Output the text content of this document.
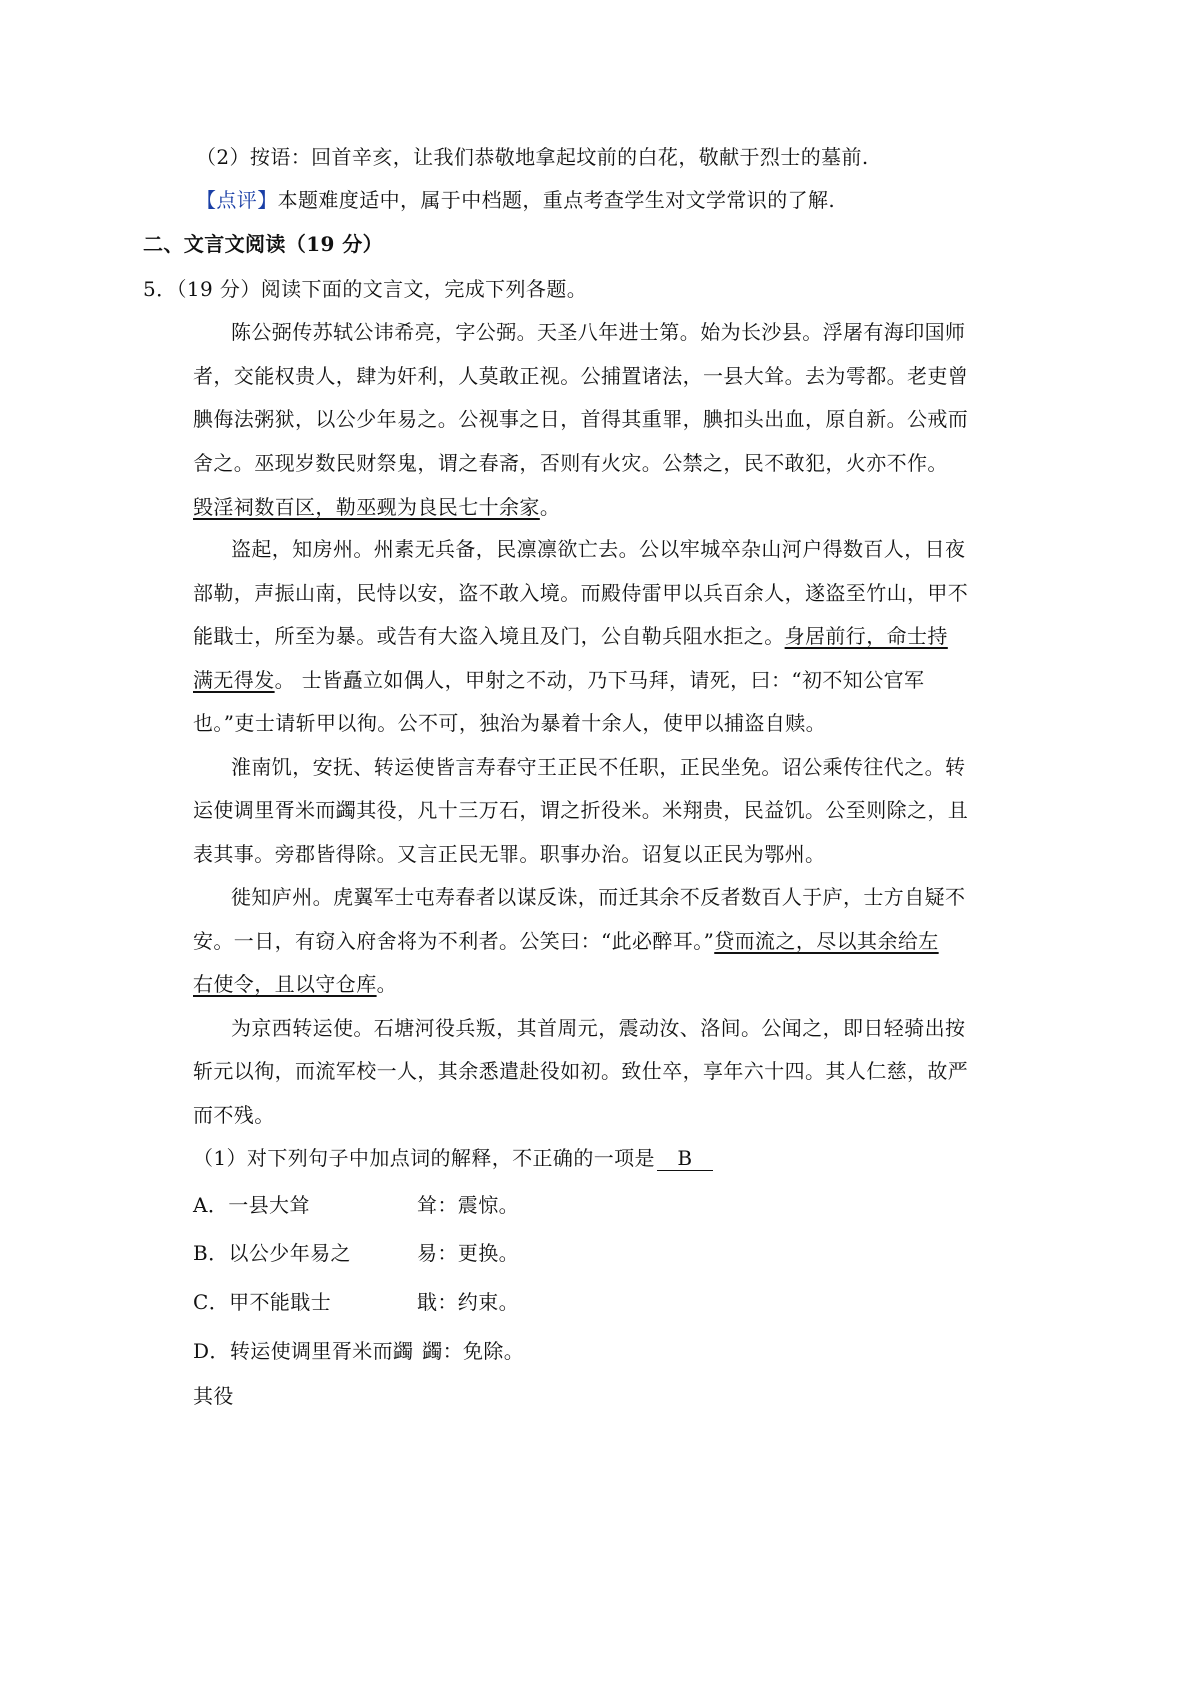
（2）按语：回首辛亥，让我们恭敬地拿起坟前的白花，敬献于烈士的墓前.
【点评】本题难度适中，属于中档题，重点考查学生对文学常识的了解.
二、文言文阅读（19 分）
5．（19 分）阅读下面的文言文，完成下列各题。
陈公弼传苏轼公讳希亮，字公弼。天圣八年进士第。始为长沙县。浮屠有海印国师
者，交能权贵人，肆为奸利，人莫敢正视。公捕置诸法，一县大耸。去为雩都。老吏曾
腆侮法粥狱，以公少年易之。公视事之日，首得其重罪，腆扣头出血，原自新。公戒而
舍之。巫现岁数民财祭鬼，谓之春斋，否则有火灾。公禁之，民不敢犯，火亦不作。
毁淫祠数百区，勒巫觋为良民七十余家。
盗起，知房州。州素无兵备，民凛凛欲亡去。公以牢城卒杂山河户得数百人，日夜
部勒，声振山南，民恃以安，盗不敢入境。而殿侍雷甲以兵百余人，遂盗至竹山，甲不
能戢士，所至为暴。或告有大盗入境且及门，公自勒兵阻水拒之。身居前行，命士持
满无得发。 士皆矗立如偶人，甲射之不动，乃下马拜，请死，曰：“初不知公官军
也。”吏士请斩甲以徇。公不可，独治为暴着十余人，使甲以捕盗自赎。
淮南饥，安抚、转运使皆言寿春守王正民不任职，正民坐免。诏公乘传往代之。转
运使调里胥米而蠲其役，凡十三万石，谓之折役米。米翔贵，民益饥。公至则除之，且
表其事。旁郡皆得除。又言正民无罪。职事办治。诏复以正民为鄂州。
徙知庐州。虎翼军士屯寿春者以谋反诛，而迁其余不反者数百人于庐，士方自疑不
安。一日，有窃入府舍将为不利者。公笑曰：“此必醉耳。”贷而流之，尽以其余给左
右使令，且以守仓库。
为京西转运使。石塘河役兵叛，其首周元，震动汝、洛间。公闻之，即日轻骑出按
斩元以徇，而流军校一人，其余悉遣赴役如初。致仕卒，享年六十四。其人仁慈，故严
而不残。
（1）对下列句子中加点词的解释，不正确的一项是 B
A．一县大耸	耸：震惊。
B．以公少年易之	易：更换。
C．甲不能戢士	戢：约束。
D．转运使调里胥米而蠲 蠲：免除。
其役
